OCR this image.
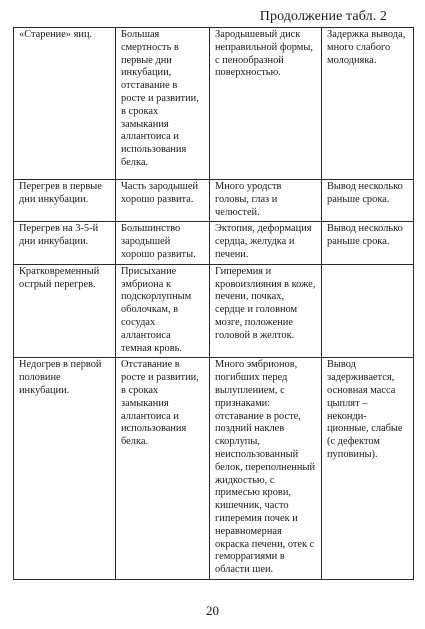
Продолжение табл. 2
«Старение» яиц.	Большая смертность в первые дни инкубации, отставание в росте и развитии, в сроках замыкания аллантоиса и использования белка.	Зародышевый диск неправильной формы, с пенообразной поверхностью.	Задержка вывода, много слабого молодняка.
Перегрев в первые дни инкубации.	Часть зародышей хорошо развита.	Много уродств головы, глаз и челюстей.	Вывод несколько раньше срока.
Перегрев на 3-5-й дни инкубации.	Большинство зародышей хорошо развиты.	Эктопия, деформация сердца, желудка и печени.	Вывод несколько раньше срока.
Кратковременный острый перегрев.	Присыхание эмбриона к подскорлупным оболочкам, в сосудах аллантоиса темная кровь.	Гиперемия и кровоизлияния в коже, печени, почках, сердце и головном мозге, положение головой в желток.	
Недогрев в первой половине инкубации.	Отставание в росте и развитии, в сроках замыкания аллантоиса и использования белка.	Много эмбрионов, погибших перед вылуплением, с признаками: отставание в росте, поздний наклев скорлупы, неиспользованный белок, переполненный жидкостью, с примесью крови, кишечник, часто гиперемия почек и неравномерная окраска печени, отек с геморрагиями в области шеи.	Вывод задерживается, основная масса цыплят – неконди-ционные, слабые (с дефектом пуповины).
20
